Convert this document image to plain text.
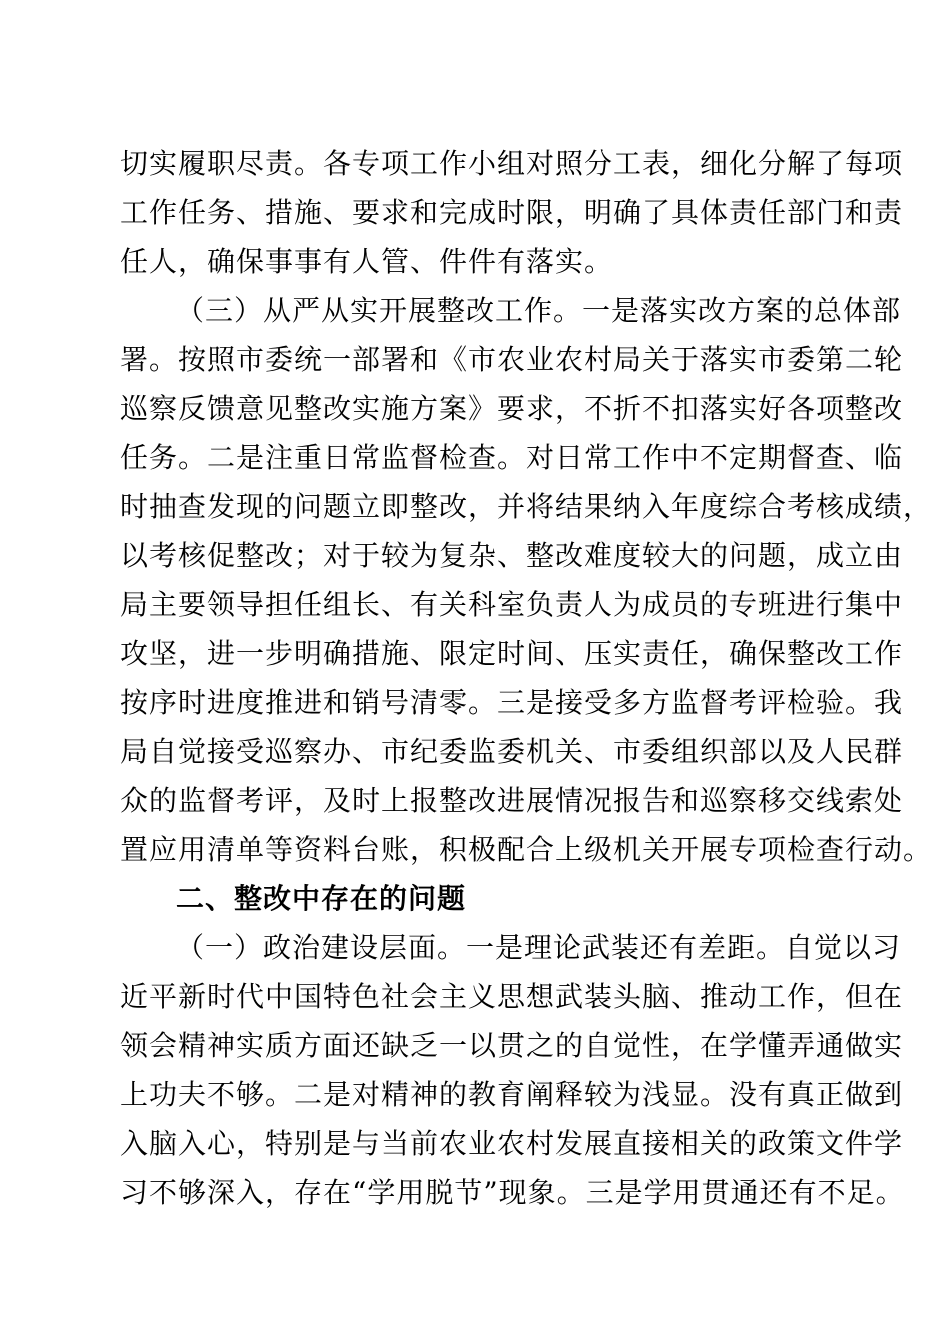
切实履职尽责。各专项工作小组对照分工表，细化分解了每项
工作任务、措施、要求和完成时限，明确了具体责任部门和责
任人，确保事事有人管、件件有落实。
（三）从严从实开展整改工作。一是落实改方案的总体部
署。按照市委统一部署和《市农业农村局关于落实市委第二轮
巡察反馈意见整改实施方案》要求，不折不扣落实好各项整改
任务。二是注重日常监督检查。对日常工作中不定期督查、临
时抽查发现的问题立即整改，并将结果纳入年度综合考核成绩，
以考核促整改；对于较为复杂、整改难度较大的问题，成立由
局主要领导担任组长、有关科室负责人为成员的专班进行集中
攻坚，进一步明确措施、限定时间、压实责任，确保整改工作
按序时进度推进和销号清零。三是接受多方监督考评检验。我
局自觉接受巡察办、市纪委监委机关、市委组织部以及人民群
众的监督考评，及时上报整改进展情况报告和巡察移交线索处
置应用清单等资料台账，积极配合上级机关开展专项检查行动。
二、整改中存在的问题
（一）政治建设层面。一是理论武装还有差距。自觉以习
近平新时代中国特色社会主义思想武装头脑、推动工作，但在
领会精神实质方面还缺乏一以贯之的自觉性，在学懂弄通做实
上功夫不够。二是对精神的教育阐释较为浅显。没有真正做到
入脑入心，特别是与当前农业农村发展直接相关的政策文件学
习不够深入，存在“学用脱节”现象。三是学用贯通还有不足。
